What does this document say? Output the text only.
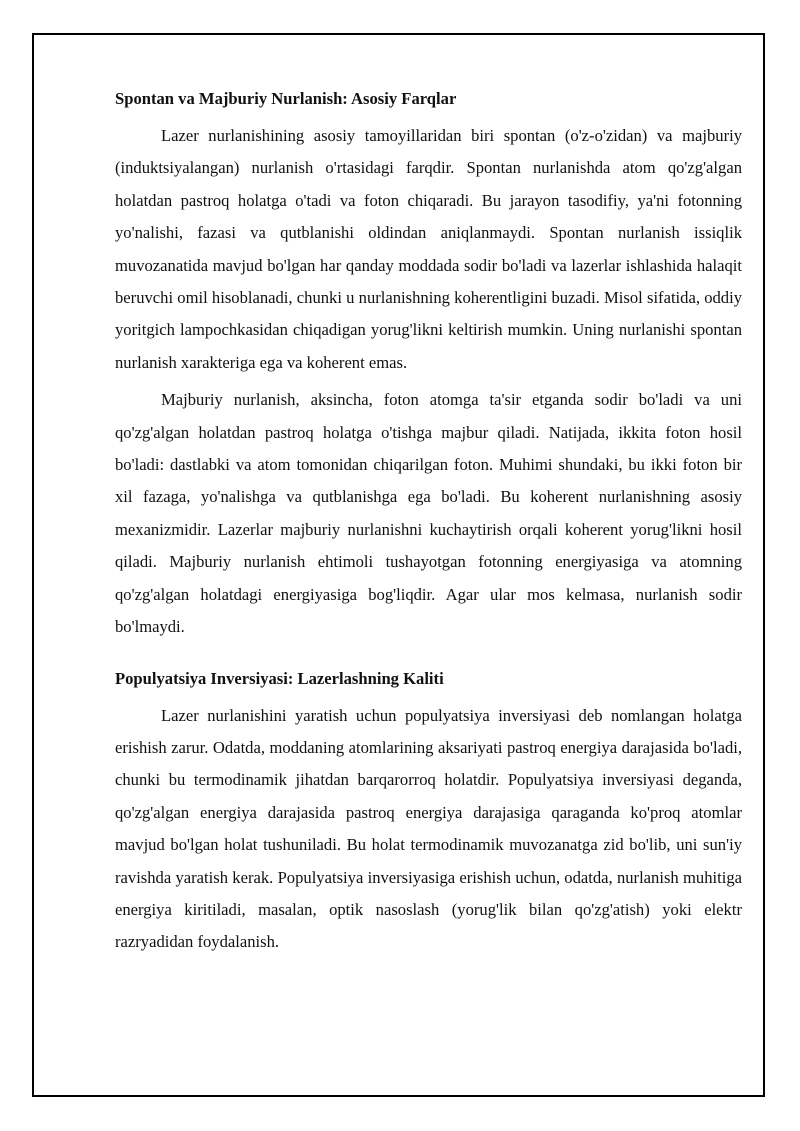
Spontan va Majburiy Nurlanish: Asosiy Farqlar

Lazer nurlanishining asosiy tamoyillaridan biri spontan (o'z-o'zidan) va majburiy (induktsiyalangan) nurlanish o'rtasidagi farqdir. Spontan nurlanishda atom qo'zg'algan holatdan pastroq holatga o'tadi va foton chiqaradi. Bu jarayon tasodifiy, ya'ni fotonning yo'nalishi, fazasi va qutblanishi oldindan aniqlanmaydi. Spontan nurlanish issiqlik muvozanatida mavjud bo'lgan har qanday moddada sodir bo'ladi va lazerlar ishlashida halaqit beruvchi omil hisoblanadi, chunki u nurlanishning koherentligini buzadi. Misol sifatida, oddiy yoritgich lampochkasidan chiqadigan yorug'likni keltirish mumkin. Uning nurlanishi spontan nurlanish xarakteriga ega va koherent emas.

Majburiy nurlanish, aksincha, foton atomga ta'sir etganda sodir bo'ladi va uni qo'zg'algan holatdan pastroq holatga o'tishga majbur qiladi. Natijada, ikkita foton hosil bo'ladi: dastlabki va atom tomonidan chiqarilgan foton. Muhimi shundaki, bu ikki foton bir xil fazaga, yo'nalishga va qutblanishga ega bo'ladi. Bu koherent nurlanishning asosiy mexanizmidir. Lazerlar majburiy nurlanishni kuchaytirish orqali koherent yorug'likni hosil qiladi. Majburiy nurlanish ehtimoli tushayotgan fotonning energiyasiga va atomning qo'zg'algan holatdagi energiyasiga bog'liqdir. Agar ular mos kelmasa, nurlanish sodir bo'lmaydi.

Populyatsiya Inversiyasi: Lazerlashning Kaliti

Lazer nurlanishini yaratish uchun populyatsiya inversiyasi deb nomlangan holatga erishish zarur. Odatda, moddaning atomlarining aksariyati pastroq energiya darajasida bo'ladi, chunki bu termodinamik jihatdan barqarorroq holatdir. Populyatsiya inversiyasi deganda, qo'zg'algan energiya darajasida pastroq energiya darajasiga qaraganda ko'proq atomlar mavjud bo'lgan holat tushuniladi. Bu holat termodinamik muvozanatga zid bo'lib, uni sun'iy ravishda yaratish kerak. Populyatsiya inversiyasiga erishish uchun, odatda, nurlanish muhitiga energiya kiritiladi, masalan, optik nasoslash (yorug'lik bilan qo'zg'atish) yoki elektr razryadidan foydalanish.
